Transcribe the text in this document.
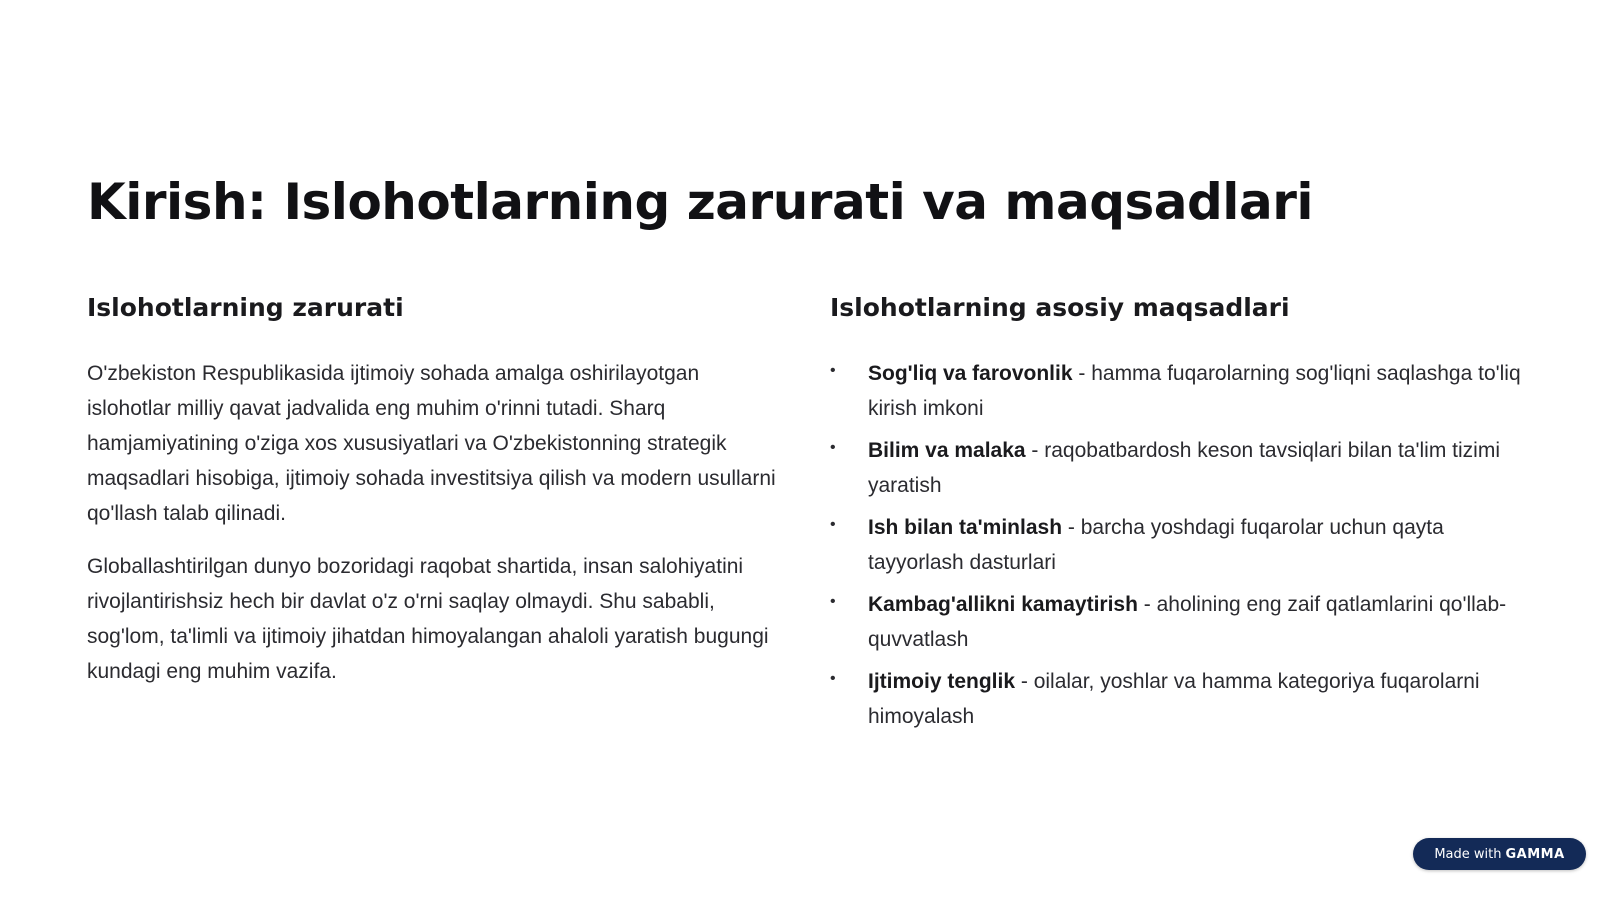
Kirish: Islohotlarning zarurati va maqsadlari
Islohotlarning zarurati

O'zbekiston Respublikasida ijtimoiy sohada amalga oshirilayotgan islohotlar milliy qavat jadvalida eng muhim o'rinni tutadi. Sharq hamjamiyatining o'ziga xos xususiyatlari va O'zbekistonning strategik maqsadlari hisobiga, ijtimoiy sohada investitsiya qilish va modern usullarni qo'llash talab qilinadi.

Globallashtirilgan dunyo bozoridagi raqobat shartida, insan salohiyatini rivojlantirishsiz hech bir davlat o'z o'rni saqlay olmaydi. Shu sababli, sog'lom, ta'limli va ijtimoiy jihatdan himoyalangan ahaloli yaratish bugungi kundagi eng muhim vazifa.

Islohotlarning asosiy maqsadlari
• Sog'liq va farovonlik - hamma fuqarolarning sog'liqni saqlashga to'liq kirish imkoni
• Bilim va malaka - raqobatbardosh keson tavsiqlari bilan ta'lim tizimi yaratish
• Ish bilan ta'minlash - barcha yoshdagi fuqarolar uchun qayta tayyorlash dasturlari
• Kambag'allikni kamaytirish - aholining eng zaif qatlamlarini qo'llab-quvvatlash
• Ijtimoiy tenglik - oilalar, yoshlar va hamma kategoriya fuqarolarni himoyalash
Made with GAMMA
